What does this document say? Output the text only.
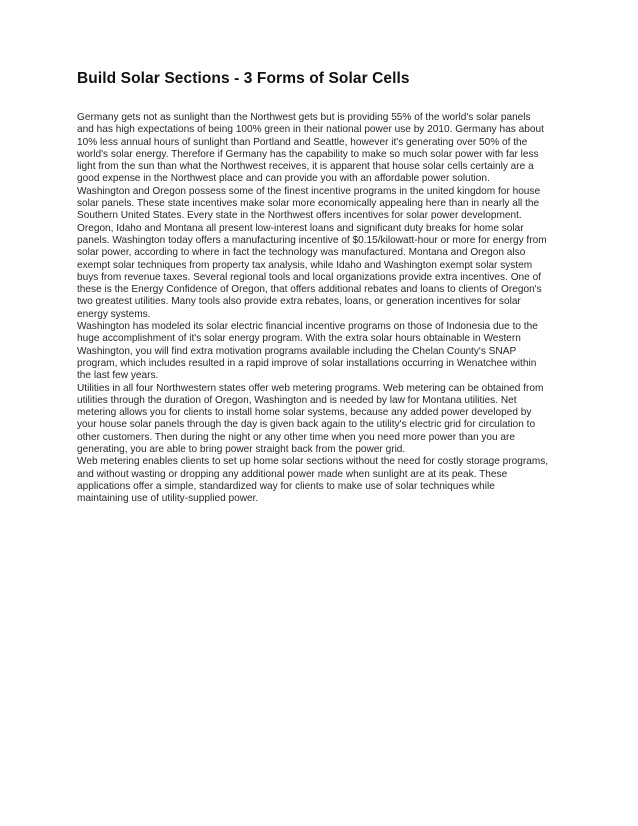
Build Solar Sections - 3 Forms of Solar Cells

Germany gets not as sunlight than the Northwest gets but is providing 55% of the world's solar panels

and has high expectations of being 100% green in their national power use by 2010. Germany has about

10% less annual hours of sunlight than Portland and Seattle, however it's generating over 50% of the

world's solar energy. Therefore if Germany has the capability to make so much solar power with far less

light from the sun than what the Northwest receives, it is apparent that house solar cells certainly are a

good expense in the Northwest place and can provide you with an affordable power solution.

Washington and Oregon possess some of the finest incentive programs in the united kingdom for house

solar panels. These state incentives make solar more economically appealing here than in nearly all the

Southern United States. Every state in the Northwest offers incentives for solar power development.

Oregon, Idaho and Montana all present low-interest loans and significant duty breaks for home solar

panels. Washington today offers a manufacturing incentive of $0.15/kilowatt-hour or more for energy from

solar power, according to where in fact the technology was manufactured. Montana and Oregon also

exempt solar techniques from property tax analysis, while Idaho and Washington exempt solar system

buys from revenue taxes. Several regional tools and local organizations provide extra incentives. One of

these is the Energy Confidence of Oregon, that offers additional rebates and loans to clients of Oregon's

two greatest utilities. Many tools also provide extra rebates, loans, or generation incentives for solar

energy systems.

Washington has modeled its solar electric financial incentive programs on those of Indonesia due to the

huge accomplishment of it's solar energy program. With the extra solar hours obtainable in Western

Washington, you will find extra motivation programs available including the Chelan County's SNAP

program, which includes resulted in a rapid improve of solar installations occurring in Wenatchee within

the last few years.

Utilities in all four Northwestern states offer web metering programs. Web metering can be obtained from

utilities through the duration of Oregon, Washington and is needed by law for Montana utilities. Net

metering allows you for clients to install home solar systems, because any added power developed by

your house solar panels through the day is given back again to the utility's electric grid for circulation to

other customers. Then during the night or any other time when you need more power than you are

generating, you are able to bring power straight back from the power grid.

Web metering enables clients to set up home solar sections without the need for costly storage programs,

and without wasting or dropping any additional power made when sunlight are at its peak. These

applications offer a simple, standardized way for clients to make use of solar techniques while

maintaining use of utility-supplied power.
